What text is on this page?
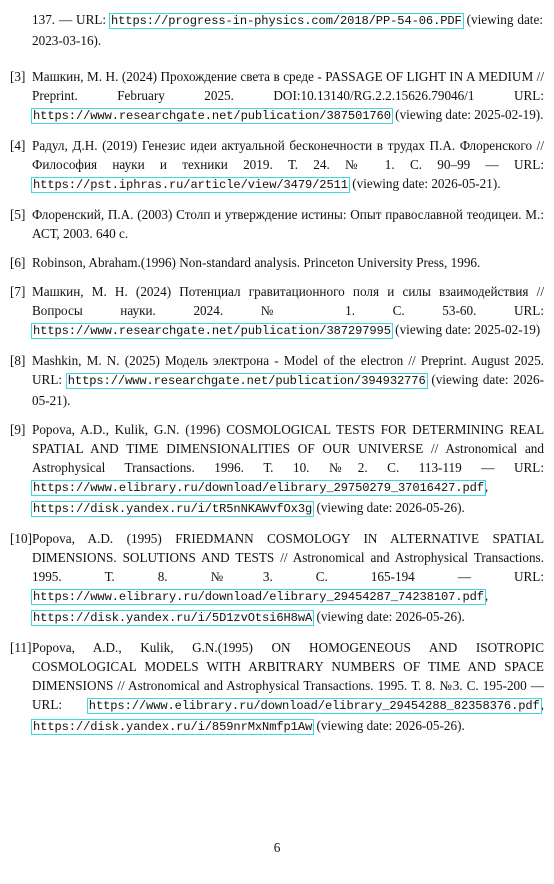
137. — URL: https://progress-in-physics.com/2018/PP-54-06.PDF (viewing date: 2023-03-16).
[3] Машкин, М. Н. (2024) Прохождение света в среде - PASSAGE OF LIGHT IN A MEDIUM // Preprint. February 2025. DOI:10.13140/RG.2.2.15626.79046/1 URL: https://www.researchgate.net/publication/387501760 (viewing date: 2025-02-19).
[4] Радул, Д.Н. (2019) Генезис идеи актуальной бесконечности в трудах П.А. Флоренского // Философия науки и техники 2019. Т. 24. № 1. С. 90–99 — URL: https://pst.iphras.ru/article/view/3479/2511 (viewing date: 2026-05-21).
[5] Флоренский, П.А. (2003) Столп и утверждение истины: Опыт православной теодицеи. М.: АСТ, 2003. 640 с.
[6] Robinson, Abraham.(1996) Non-standard analysis. Princeton University Press, 1996.
[7] Машкин, М. Н. (2024) Потенциал гравитационного поля и силы взаимодействия // Вопросы науки. 2024. № 1. С. 53-60. URL: https://www.researchgate.net/publication/387297995 (viewing date: 2025-02-19)
[8] Mashkin, M. N. (2025) Модель электрона - Model of the electron // Preprint. August 2025. URL: https://www.researchgate.net/publication/394932776 (viewing date: 2026-05-21).
[9] Popova, A.D., Kulik, G.N. (1996) COSMOLOGICAL TESTS FOR DETERMINING REAL SPATIAL AND TIME DIMENSIONALITIES OF OUR UNIVERSE // Astronomical and Astrophysical Transactions. 1996. Т. 10. №2. С. 113-119 — URL: https://www.elibrary.ru/download/elibrary_29750279_37016427.pdf, https://disk.yandex.ru/i/tR5nNKAWvfOx3g (viewing date: 2026-05-26).
[10] Popova, A.D. (1995) FRIEDMANN COSMOLOGY IN ALTERNATIVE SPATIAL DIMENSIONS. SOLUTIONS AND TESTS // Astronomical and Astrophysical Transactions. 1995. Т. 8. №3. С. 165-194 — URL: https://www.elibrary.ru/download/elibrary_29454287_74238107.pdf, https://disk.yandex.ru/i/5D1zvOtsi6H8wA (viewing date: 2026-05-26).
[11] Popova, A.D., Kulik, G.N.(1995) ON HOMOGENEOUS AND ISOTROPIC COSMOLOGICAL MODELS WITH ARBITRARY NUMBERS OF TIME AND SPACE DIMENSIONS // Astronomical and Astrophysical Transactions. 1995. Т. 8. №3. С. 195-200 — URL: https://www.elibrary.ru/download/elibrary_29454288_82358376.pdf, https://disk.yandex.ru/i/859nrMxNmfp1Aw (viewing date: 2026-05-26).
6
